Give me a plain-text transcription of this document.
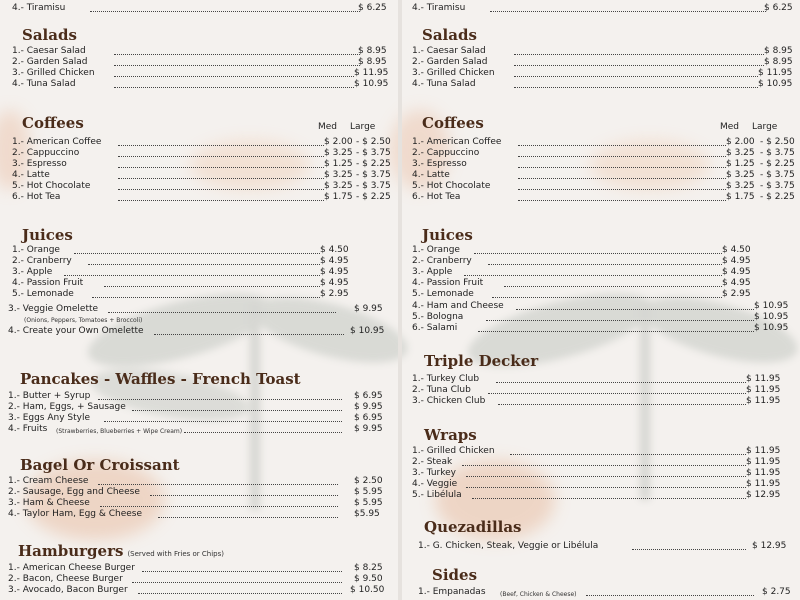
4.- Tiramisu	$ 6.25
Salads
1.- Caesar Salad	$ 8.95
2.- Garden Salad	$ 8.95
3.- Grilled Chicken	$ 11.95
4.- Tuna Salad	$ 10.95
Coffees	Med Large
1.- American Coffee	$ 2.00 - $ 2.50
2.- Cappuccino	$ 3.25 - $ 3.75
3.- Espresso	$ 1.25 - $ 2.25
4.- Latte	$ 3.25 - $ 3.75
5.- Hot Chocolate	$ 3.25 - $ 3.75
6.- Hot Tea	$ 1.75 - $ 2.25
Juices
1.- Orange	$ 4.50
2.- Cranberry	$ 4.95
3.- Apple	$ 4.95
4.- Passion Fruit	$ 4.95
5.- Lemonade	$ 2.95
3.- Veggie Omelette	$ 9.95
(Onions, Peppers, Tomatoes + Broccoli)
4.- Create your Own Omelette	$ 10.95
Pancakes - Waffles - French Toast
1.- Butter + Syrup	$ 6.95
2.- Ham, Eggs, + Sausage	$ 9.95
3.- Eggs Any Style	$ 6.95
4.- Fruits	(Strawberries, Blueberries + Wipe Cream)	$ 9.95
Bagel Or Croissant
1.- Cream Cheese	$ 2.50
2.- Sausage, Egg and Cheese	$ 5.95
3.- Ham & Cheese	$ 5.95
4.- Taylor Ham, Egg & Cheese	$5.95
Hamburgers (Served with Fries or Chips)
1.- American Cheese Burger	$ 8.25
2.- Bacon, Cheese Burger	$ 9.50
3.- Avocado, Bacon Burger	$ 10.50
4.- Tiramisu	$ 6.25
Salads
1.- Caesar Salad	$ 8.95
2.- Garden Salad	$ 8.95
3.- Grilled Chicken	$ 11.95
4.- Tuna Salad	$ 10.95
Coffees	Med Large
1.- American Coffee	$ 2.00 - $ 2.50
2.- Cappuccino	$ 3.25 - $ 3.75
3.- Espresso	$ 1.25 - $ 2.25
4.- Latte	$ 3.25 - $ 3.75
5.- Hot Chocolate	$ 3.25 - $ 3.75
6.- Hot Tea	$ 1.75 - $ 2.25
Juices
1.- Orange	$ 4.50
2.- Cranberry	$ 4.95
3.- Apple	$ 4.95
4.- Passion Fruit	$ 4.95
5.- Lemonade	$ 2.95
4.- Ham and Cheese	$ 10.95
5.- Bologna	$ 10.95
6.- Salami	$ 10.95
Triple Decker
1.- Turkey Club	$ 11.95
2.- Tuna Club	$ 11.95
3.- Chicken Club	$ 11.95
Wraps
1.- Grilled Chicken	$ 11.95
2.- Steak	$ 11.95
3.- Turkey	$ 11.95
4.- Veggie	$ 11.95
5.- Libélula	$ 12.95
Quezadillas
1.- G. Chicken, Steak, Veggie or Libélula	$ 12.95
Sides
1.- Empanadas	(Beef, Chicken & Cheese)	$ 2.75
